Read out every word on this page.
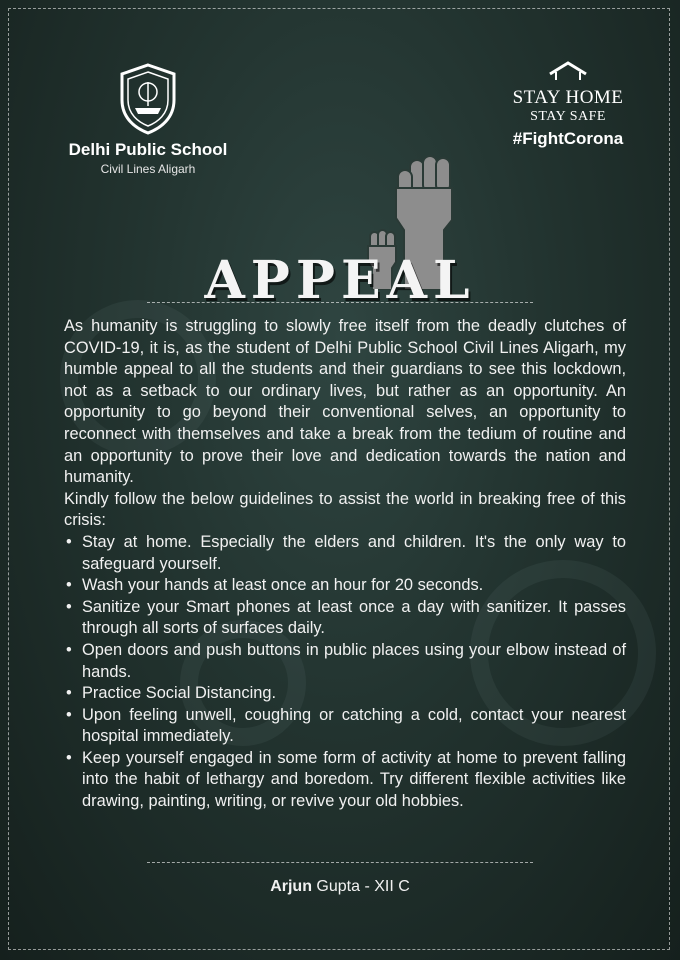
Delhi Public School
Civil Lines Aligarh
STAY HOME
STAY SAFE
#FightCorona
APPEAL

As humanity is struggling to slowly free itself from the deadly clutches of COVID-19, it is, as the student of Delhi Public School Civil Lines Aligarh, my humble appeal to all the students and their guardians to see this lockdown, not as a setback to our ordinary lives, but rather as an opportunity. An opportunity to go beyond their conventional selves, an opportunity to reconnect with themselves and take a break from the tedium of routine and an opportunity to prove their love and dedication towards the nation and humanity.

Kindly follow the below guidelines to assist the world in breaking free of this crisis:

• Stay at home. Especially the elders and children. It's the only way to safeguard yourself.
• Wash your hands at least once an hour for 20 seconds.
• Sanitize your Smart phones at least once a day with sanitizer. It passes through all sorts of surfaces daily.
• Open doors and push buttons in public places using your elbow instead of hands.
• Practice Social Distancing.
• Upon feeling unwell, coughing or catching a cold, contact your nearest hospital immediately.
• Keep yourself engaged in some form of activity at home to prevent falling into the habit of lethargy and boredom. Try different flexible activities like drawing, painting, writing, or revive your old hobbies.
Arjun Gupta - XII C
